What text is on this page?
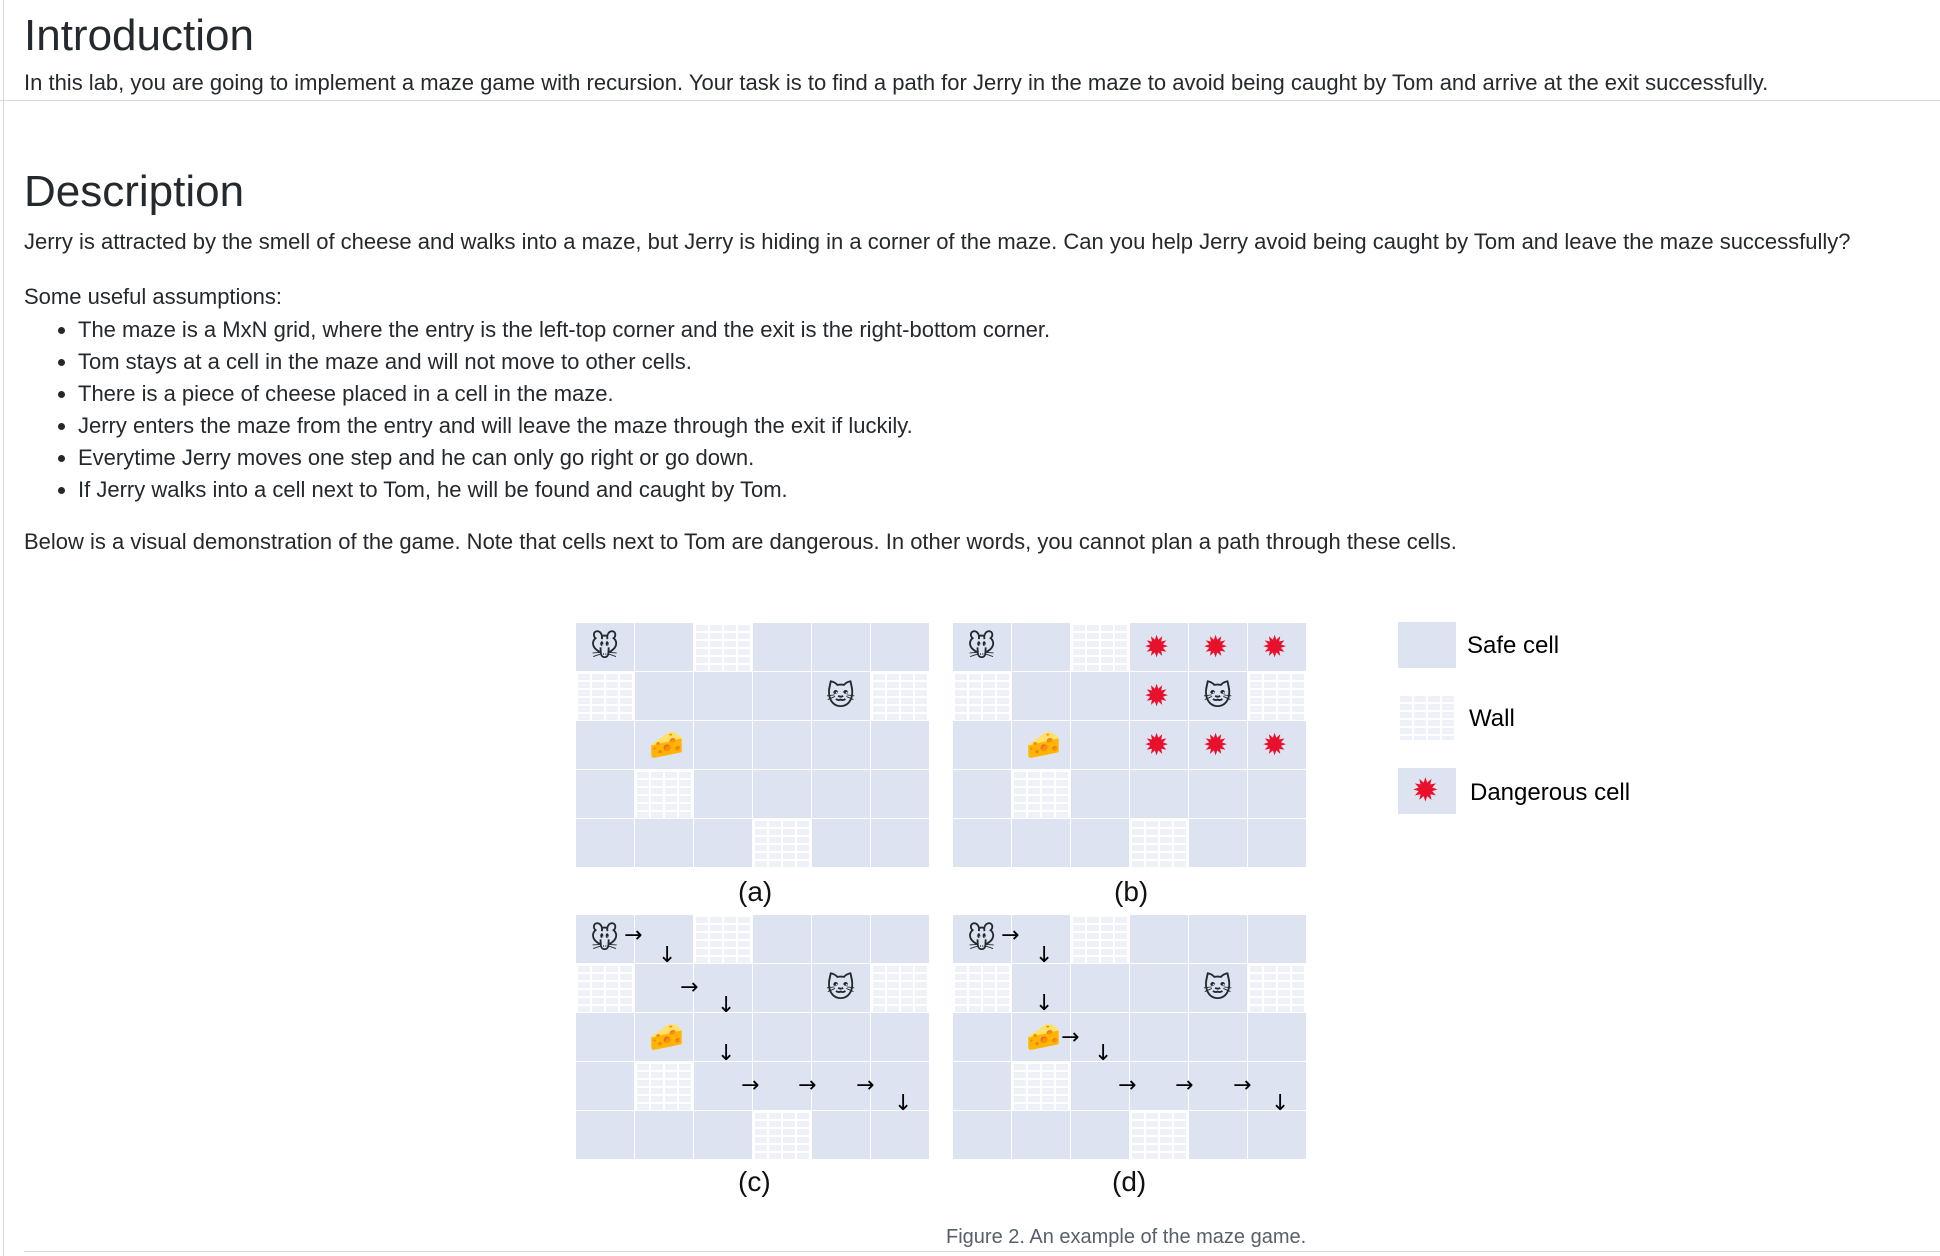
Introduction
In this lab, you are going to implement a maze game with recursion. Your task is to find a path for Jerry in the maze to avoid being caught by Tom and arrive at the exit successfully.
Description
Jerry is attracted by the smell of cheese and walks into a maze, but Jerry is hiding in a corner of the maze. Can you help Jerry avoid being caught by Tom and leave the maze successfully?
Some useful assumptions:
• The maze is a MxN grid, where the entry is the left-top corner and the exit is the right-bottom corner.
• Tom stays at a cell in the maze and will not move to other cells.
• There is a piece of cheese placed in a cell in the maze.
• Jerry enters the maze from the entry and will leave the maze through the exit if luckily.
• Everytime Jerry moves one step and he can only go right or go down.
• If Jerry walks into a cell next to Tom, he will be found and caught by Tom.
Below is a visual demonstration of the game. Note that cells next to Tom are dangerous. In other words, you cannot plan a path through these cells.
🐭
🐱
🧀
🐭
🐱
🧀
✹ ✹ ✹
✹
✹ ✹ ✹
🐭
🐱
🧀
→
↓
→
↓
↓
→ → →
↓
🐭
🐱
🧀
→
↓
↓
→
↓
→ → →
↓
(a)	(b)
(c)	(d)
Safe cell
Wall
✹ Dangerous cell
Figure 2. An example of the maze game.
